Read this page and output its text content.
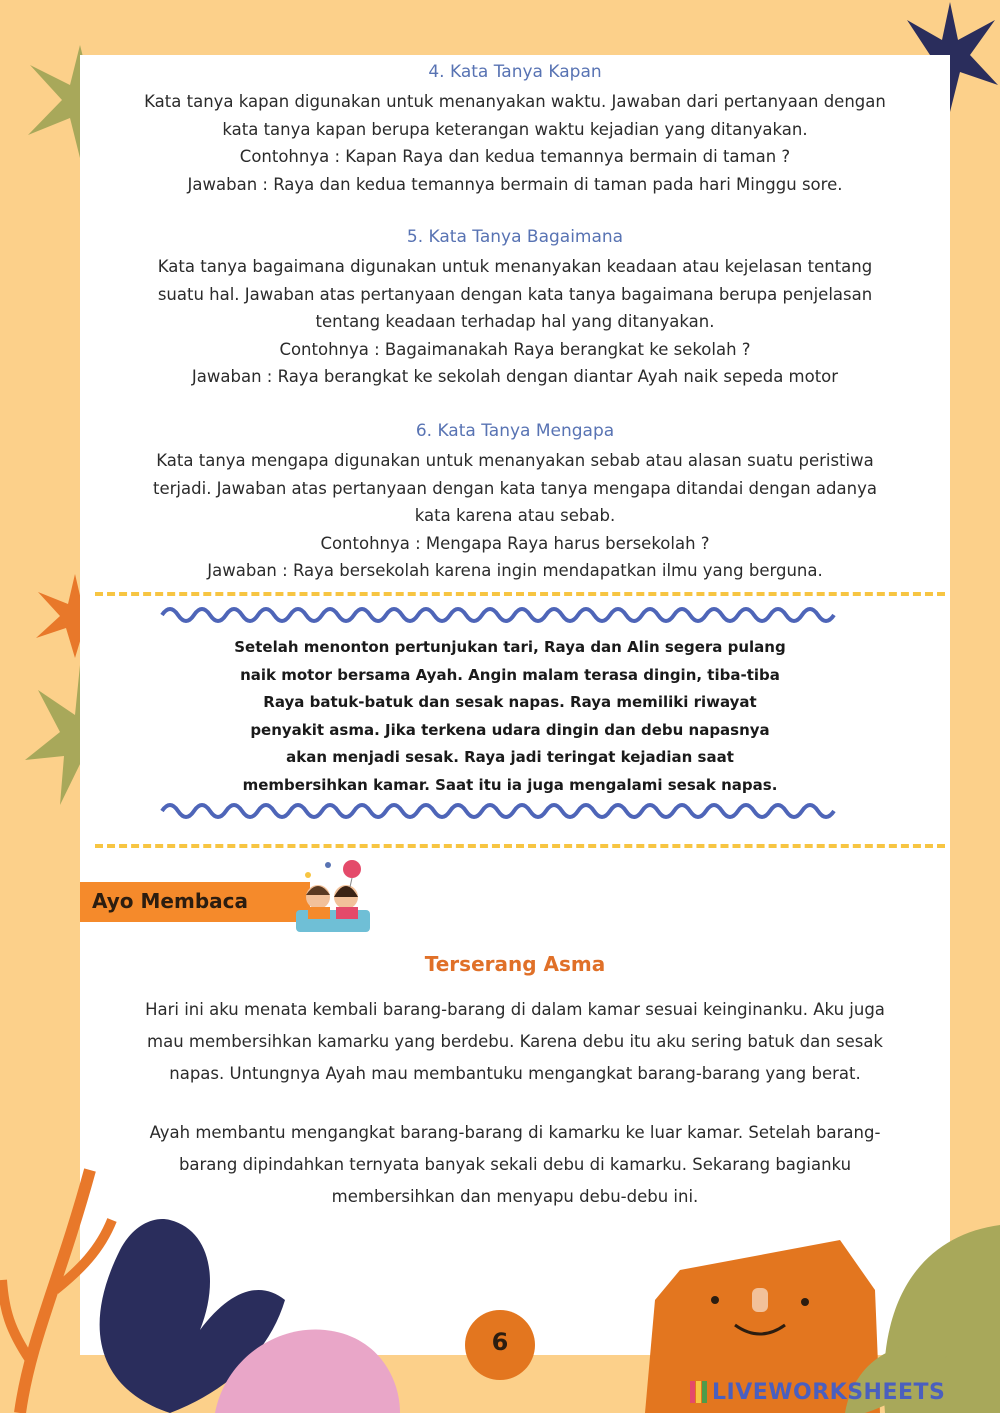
4. Kata Tanya Kapan
Kata tanya kapan digunakan untuk menanyakan waktu. Jawaban dari pertanyaan dengan
kata tanya kapan berupa keterangan waktu kejadian yang ditanyakan.
Contohnya : Kapan Raya dan kedua temannya bermain di taman ?
Jawaban : Raya dan kedua temannya bermain di taman pada hari Minggu sore.
5. Kata Tanya Bagaimana
Kata tanya bagaimana digunakan untuk menanyakan keadaan atau kejelasan tentang
suatu hal. Jawaban atas pertanyaan dengan kata tanya bagaimana berupa penjelasan
tentang keadaan terhadap hal yang ditanyakan.
Contohnya : Bagaimanakah Raya berangkat ke sekolah ?
Jawaban : Raya berangkat ke sekolah dengan diantar Ayah naik sepeda motor
6. Kata Tanya Mengapa
Kata tanya mengapa digunakan untuk menanyakan sebab atau alasan suatu peristiwa
terjadi. Jawaban atas pertanyaan dengan kata tanya mengapa ditandai dengan adanya
kata karena atau sebab.
Contohnya : Mengapa Raya harus bersekolah ?
Jawaban : Raya bersekolah karena ingin mendapatkan ilmu yang berguna.
Setelah menonton pertunjukan tari, Raya dan Alin segera pulang
naik motor bersama Ayah. Angin malam terasa dingin, tiba-tiba
Raya batuk-batuk dan sesak napas. Raya memiliki riwayat
penyakit asma. Jika terkena udara dingin dan debu napasnya
akan menjadi sesak. Raya jadi teringat kejadian saat
membersihkan kamar. Saat itu ia juga mengalami sesak napas.
Ayo Membaca
Terserang Asma
Hari ini aku menata kembali barang-barang di dalam kamar sesuai keinginanku. Aku juga
mau membersihkan kamarku yang berdebu. Karena debu itu aku sering batuk dan sesak
napas. Untungnya Ayah mau membantuku mengangkat barang-barang yang berat.
Ayah membantu mengangkat barang-barang di kamarku ke luar kamar. Setelah barang-
barang dipindahkan ternyata banyak sekali debu di kamarku. Sekarang bagianku
membersihkan dan menyapu debu-debu ini.
6
LIVEWORKSHEETS
